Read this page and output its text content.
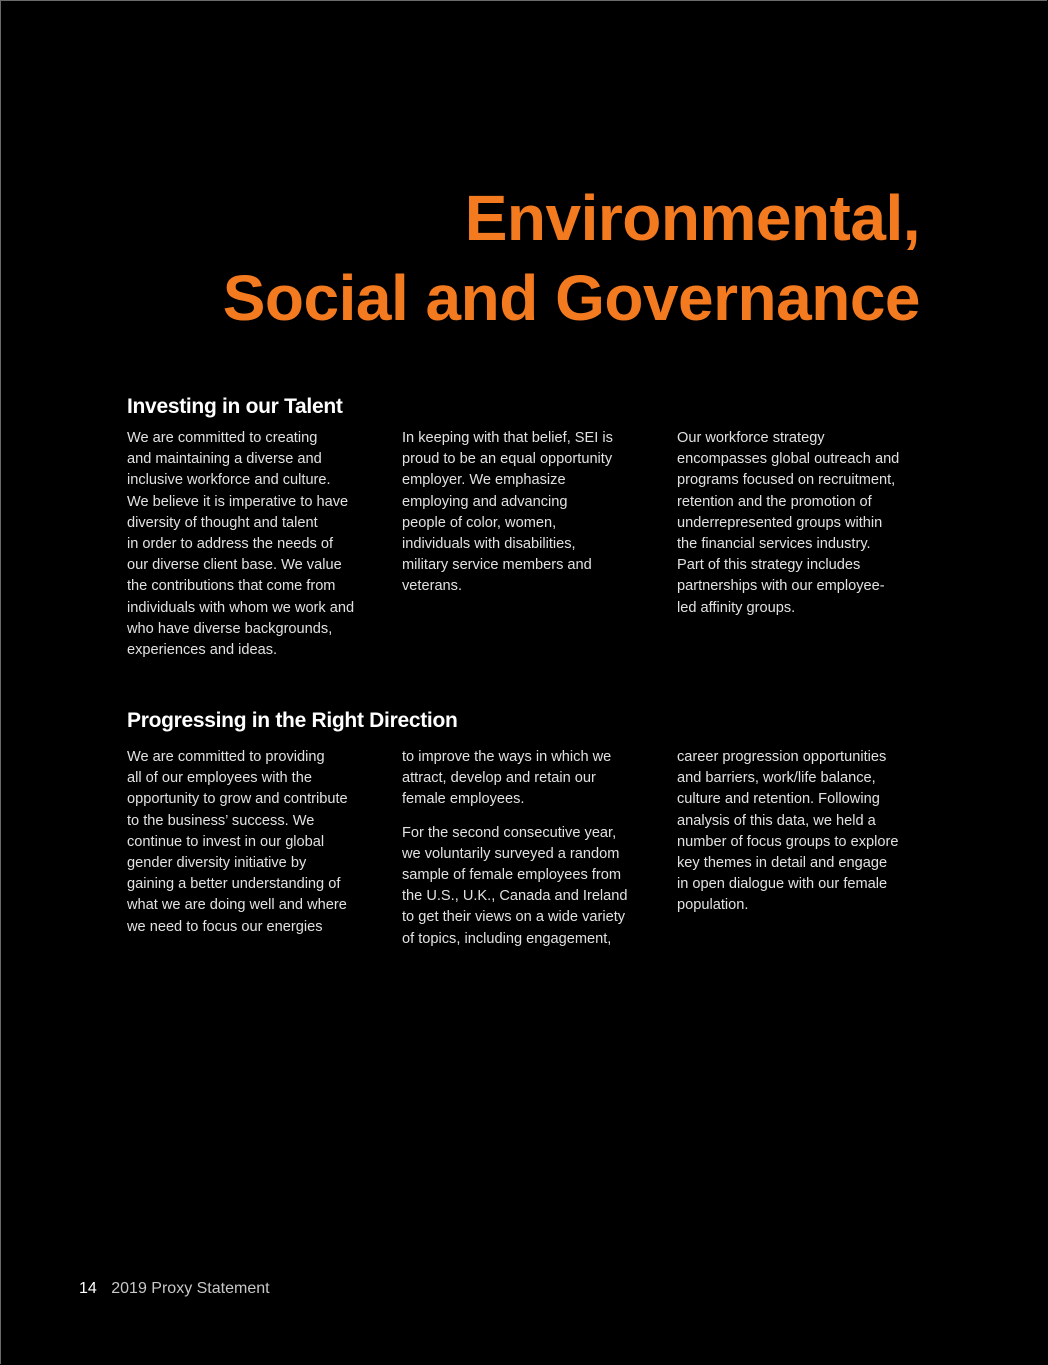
Environmental,
Social and Governance
Investing in our Talent

We are committed to creating
and maintaining a diverse and
inclusive workforce and culture.
We believe it is imperative to have
diversity of thought and talent
in order to address the needs of
our diverse client base. We value
the contributions that come from
individuals with whom we work and
who have diverse backgrounds,
experiences and ideas.

In keeping with that belief, SEI is
proud to be an equal opportunity
employer. We emphasize
employing and advancing
people of color, women,
individuals with disabilities,
military service members and
veterans.

Our workforce strategy
encompasses global outreach and
programs focused on recruitment,
retention and the promotion of
underrepresented groups within
the financial services industry.
Part of this strategy includes
partnerships with our employee-
led affinity groups.

Progressing in the Right Direction

We are committed to providing
all of our employees with the
opportunity to grow and contribute
to the business’ success. We
continue to invest in our global
gender diversity initiative by
gaining a better understanding of
what we are doing well and where
we need to focus our energies

to improve the ways in which we
attract, develop and retain our
female employees.

For the second consecutive year,
we voluntarily surveyed a random
sample of female employees from
the U.S., U.K., Canada and Ireland
to get their views on a wide variety
of topics, including engagement,

career progression opportunities
and barriers, work/life balance,
culture and retention. Following
analysis of this data, we held a
number of focus groups to explore
key themes in detail and engage
in open dialogue with our female
population.

14 2019 Proxy Statement
